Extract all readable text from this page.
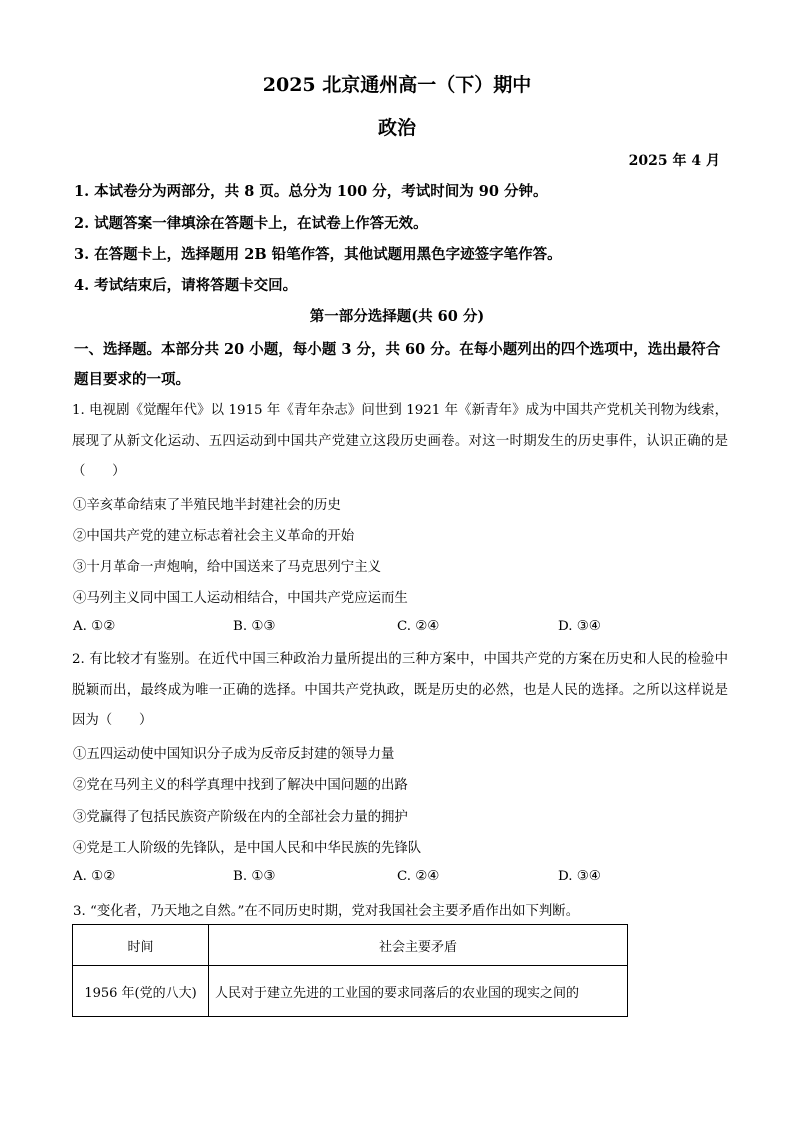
2025 北京通州高一（下）期中
政治
2025 年 4 月
1. 本试卷分为两部分，共 8 页。总分为 100 分，考试时间为 90 分钟。
2. 试题答案一律填涂在答题卡上，在试卷上作答无效。
3. 在答题卡上，选择题用 2B 铅笔作答，其他试题用黑色字迹签字笔作答。
4. 考试结束后，请将答题卡交回。
第一部分选择题(共 60 分)
一、选择题。本部分共 20 小题，每小题 3 分，共 60 分。在每小题列出的四个选项中，选出最符合题目要求的一项。
1. 电视剧《觉醒年代》以 1915 年《青年杂志》问世到 1921 年《新青年》成为中国共产党机关刊物为线索，展现了从新文化运动、五四运动到中国共产党建立这段历史画卷。对这一时期发生的历史事件，认识正确的是（　　）
①辛亥革命结束了半殖民地半封建社会的历史
②中国共产党的建立标志着社会主义革命的开始
③十月革命一声炮响，给中国送来了马克思列宁主义
④马列主义同中国工人运动相结合，中国共产党应运而生
A. ①②	B. ①③	C. ②④	D. ③④
2. 有比较才有鉴别。在近代中国三种政治力量所提出的三种方案中，中国共产党的方案在历史和人民的检验中脱颖而出，最终成为唯一正确的选择。中国共产党执政，既是历史的必然，也是人民的选择。之所以这样说是因为（　　）
①五四运动使中国知识分子成为反帝反封建的领导力量
②党在马列主义的科学真理中找到了解决中国问题的出路
③党赢得了包括民族资产阶级在内的全部社会力量的拥护
④党是工人阶级的先锋队，是中国人民和中华民族的先锋队
A. ①②	B. ①③	C. ②④	D. ③④
3. “变化者，乃天地之自然。”在不同历史时期，党对我国社会主要矛盾作出如下判断。
时间	社会主要矛盾
1956 年(党的八大)	人民对于建立先进的工业国的要求同落后的农业国的现实之间的
